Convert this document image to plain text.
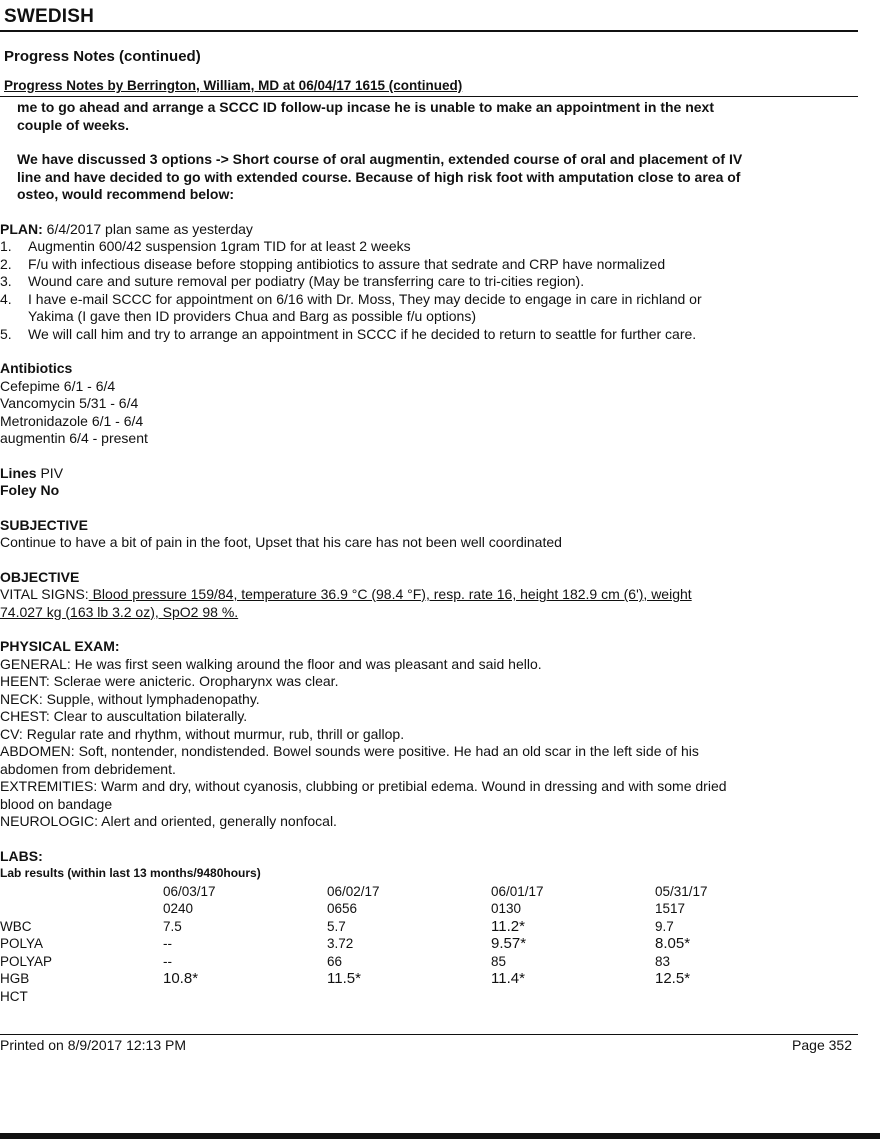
SWEDISH
Progress Notes (continued)
Progress Notes by Berrington, William, MD at 06/04/17 1615 (continued)

me to go ahead and arrange a SCCC ID follow-up incase he is unable to make an appointment in the next

couple of weeks.

We have discussed 3 options -> Short course of oral augmentin, extended course of oral and placement of IV

line and have decided to go with extended course. Because of high risk foot with amputation close to area of

osteo, would recommend below:

PLAN: 6/4/2017 plan same as yesterday
1.	Augmentin 600/42 suspension 1gram TID for at least 2 weeks
2.	F/u with infectious disease before stopping antibiotics to assure that sedrate and CRP have normalized
3.	Wound care and suture removal per podiatry (May be transferring care to tri-cities region).
4.	I have e-mail SCCC for appointment on 6/16 with Dr. Moss, They may decide to engage in care in richland or
Yakima (I gave then ID providers Chua and Barg as possible f/u options)
5.	We will call him and try to arrange an appointment in SCCC if he decided to return to seattle for further care.
Antibiotics
Cefepime 6/1 - 6/4
Vancomycin 5/31 - 6/4
Metronidazole 6/1 - 6/4
augmentin 6/4 - present
Lines PIV
Foley No
SUBJECTIVE
Continue to have a bit of pain in the foot, Upset that his care has not been well coordinated
OBJECTIVE
VITAL SIGNS: Blood pressure 159/84, temperature 36.9 °C (98.4 °F), resp. rate 16, height 182.9 cm (6'), weight
74.027 kg (163 lb 3.2 oz), SpO2 98 %.
PHYSICAL EXAM:
GENERAL: He was first seen walking around the floor and was pleasant and said hello.
HEENT: Sclerae were anicteric. Oropharynx was clear.
NECK: Supple, without lymphadenopathy.
CHEST: Clear to auscultation bilaterally.
CV: Regular rate and rhythm, without murmur, rub, thrill or gallop.
ABDOMEN: Soft, nontender, nondistended. Bowel sounds were positive. He had an old scar in the left side of his
abdomen from debridement.
EXTREMITIES: Warm and dry, without cyanosis, clubbing or pretibial edema. Wound in dressing and with some dried
blood on bandage
NEUROLOGIC: Alert and oriented, generally nonfocal.
LABS:
Lab results (within last 13 months/9480hours)
	06/03/17	06/02/17	06/01/17	05/31/17
	0240	0656	0130	1517
WBC	7.5	5.7	11.2*	9.7
POLYA	--	3.72	9.57*	8.05*
POLYAP	--	66	85	83
HGB	10.8*	11.5*	11.4*	12.5*
HCT				
Printed on 8/9/2017 12:13 PM	Page 352
